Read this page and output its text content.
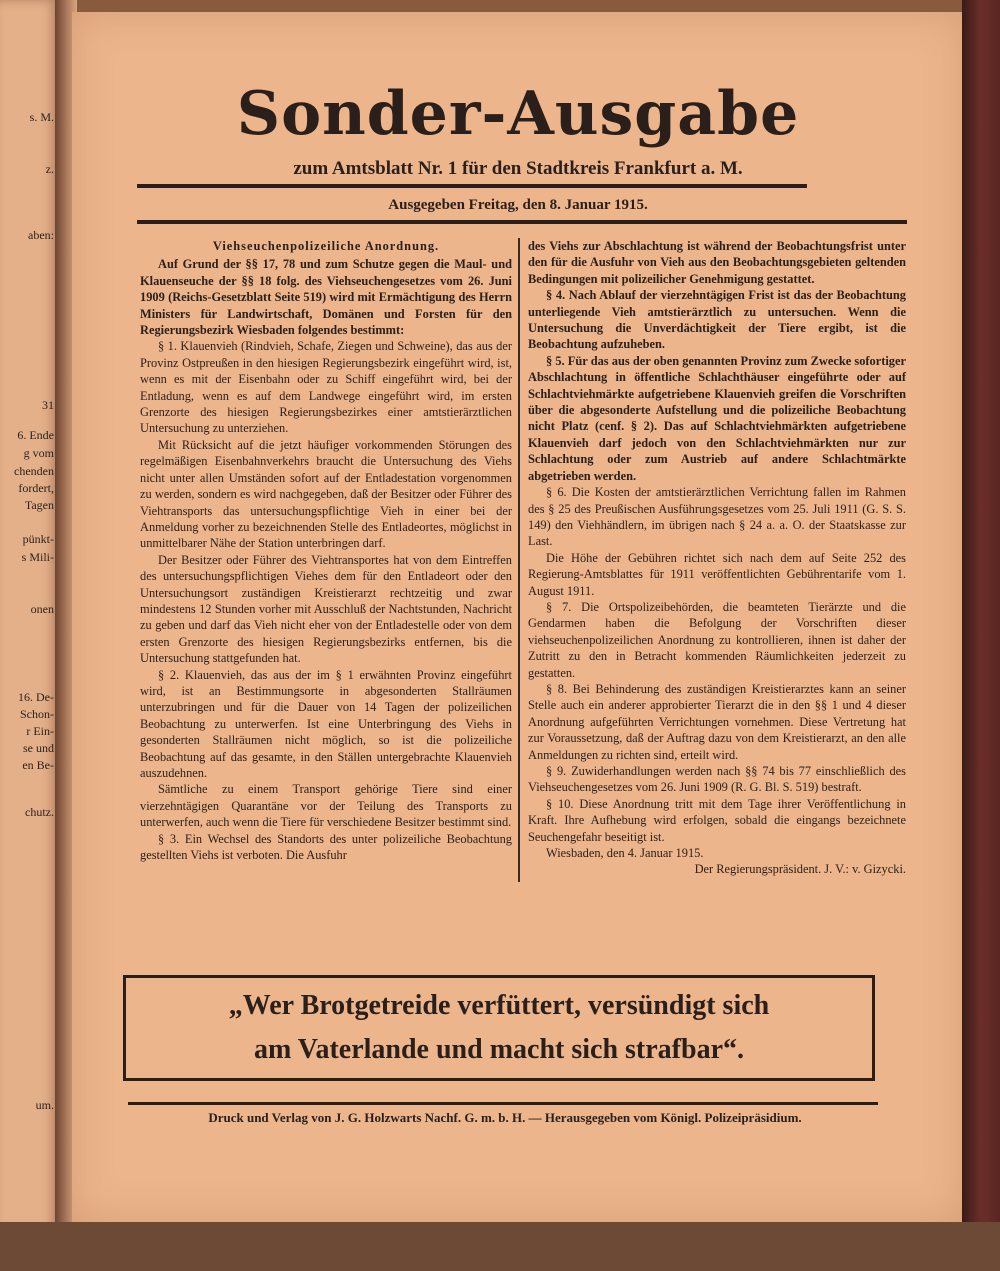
s. M.
z.
aben:
31
6. Ende
g vom
chenden
fordert,
Tagen
pünkt-
s Mili-
onen
16. De-
Schon-
r Ein-
se und
en Be-
chutz.
um.
Sonder-Ausgabe
zum Amtsblatt Nr. 1 für den Stadtkreis Frankfurt a. M.
Ausgegeben Freitag, den 8. Januar 1915.

Viehseuchenpolizeiliche Anordnung.

Auf Grund der §§ 17, 78 und zum Schutze gegen die Maul- und Klauenseuche der §§ 18 folg. des Viehseuchengesetzes vom 26. Juni 1909 (Reichs-Gesetzblatt Seite 519) wird mit Ermächtigung des Herrn Ministers für Landwirtschaft, Domänen und Forsten für den Regierungsbezirk Wiesbaden folgendes bestimmt:

§ 1. Klauenvieh (Rindvieh, Schafe, Ziegen und Schweine), das aus der Provinz Ostpreußen in den hiesigen Regierungsbezirk eingeführt wird, ist, wenn es mit der Eisenbahn oder zu Schiff eingeführt wird, bei der Entladung, wenn es auf dem Landwege eingeführt wird, im ersten Grenzorte des hiesigen Regierungsbezirkes einer amtstierärztlichen Untersuchung zu unterziehen.

Mit Rücksicht auf die jetzt häufiger vorkommenden Störungen des regelmäßigen Eisenbahnverkehrs braucht die Untersuchung des Viehs nicht unter allen Umständen sofort auf der Entladestation vorgenommen zu werden, sondern es wird nachgegeben, daß der Besitzer oder Führer des Viehtransports das untersuchungspflichtige Vieh in einer bei der Anmeldung vorher zu bezeichnenden Stelle des Entladeortes, möglichst in unmittelbarer Nähe der Station unterbringen darf.

Der Besitzer oder Führer des Viehtransportes hat von dem Eintreffen des untersuchungspflichtigen Viehes dem für den Entladeort oder den Untersuchungsort zuständigen Kreistierarzt rechtzeitig und zwar mindestens 12 Stunden vorher mit Ausschluß der Nachtstunden, Nachricht zu geben und darf das Vieh nicht eher von der Entladestelle oder von dem ersten Grenzorte des hiesigen Regierungsbezirks entfernen, bis die Untersuchung stattgefunden hat.

§ 2. Klauenvieh, das aus der im § 1 erwähnten Provinz eingeführt wird, ist an Bestimmungsorte in abgesonderten Stallräumen unterzubringen und für die Dauer von 14 Tagen der polizeilichen Beobachtung zu unterwerfen. Ist eine Unterbringung des Viehs in gesonderten Stallräumen nicht möglich, so ist die polizeiliche Beobachtung auf das gesamte, in den Ställen untergebrachte Klauenvieh auszudehnen.

Sämtliche zu einem Transport gehörige Tiere sind einer vierzehntägigen Quarantäne vor der Teilung des Transports zu unterwerfen, auch wenn die Tiere für verschiedene Besitzer bestimmt sind.

§ 3. Ein Wechsel des Standorts des unter polizeiliche Beobachtung gestellten Viehs ist verboten. Die Ausfuhr

des Viehs zur Abschlachtung ist während der Beobachtungsfrist unter den für die Ausfuhr von Vieh aus den Beobachtungsgebieten geltenden Bedingungen mit polizeilicher Genehmigung gestattet.

§ 4. Nach Ablauf der vierzehntägigen Frist ist das der Beobachtung unterliegende Vieh amtstierärztlich zu untersuchen. Wenn die Untersuchung die Unverdächtigkeit der Tiere ergibt, ist die Beobachtung aufzuheben.

§ 5. Für das aus der oben genannten Provinz zum Zwecke sofortiger Abschlachtung in öffentliche Schlachthäuser eingeführte oder auf Schlachtviehmärkte aufgetriebene Klauenvieh greifen die Vorschriften über die abgesonderte Aufstellung und die polizeiliche Beobachtung nicht Platz (cenf. § 2). Das auf Schlachtviehmärkten aufgetriebene Klauenvieh darf jedoch von den Schlachtviehmärkten nur zur Schlachtung oder zum Austrieb auf andere Schlachtmärkte abgetrieben werden.

§ 6. Die Kosten der amtstierärztlichen Verrichtung fallen im Rahmen des § 25 des Preußischen Ausführungsgesetzes vom 25. Juli 1911 (G. S. S. 149) den Viehhändlern, im übrigen nach § 24 a. a. O. der Staatskasse zur Last.

Die Höhe der Gebühren richtet sich nach dem auf Seite 252 des Regierung-Amtsblattes für 1911 veröffentlichten Gebührentarife vom 1. August 1911.

§ 7. Die Ortspolizeibehörden, die beamteten Tierärzte und die Gendarmen haben die Befolgung der Vorschriften dieser viehseuchenpolizeilichen Anordnung zu kontrollieren, ihnen ist daher der Zutritt zu den in Betracht kommenden Räumlichkeiten jederzeit zu gestatten.

§ 8. Bei Behinderung des zuständigen Kreistierarztes kann an seiner Stelle auch ein anderer approbierter Tierarzt die in den §§ 1 und 4 dieser Anordnung aufgeführten Verrichtungen vornehmen. Diese Vertretung hat zur Voraussetzung, daß der Auftrag dazu von dem Kreistierarzt, an den alle Anmeldungen zu richten sind, erteilt wird.

§ 9. Zuwiderhandlungen werden nach §§ 74 bis 77 einschließlich des Viehseuchengesetzes vom 26. Juni 1909 (R. G. Bl. S. 519) bestraft.

§ 10. Diese Anordnung tritt mit dem Tage ihrer Veröffentlichung in Kraft. Ihre Aufhebung wird erfolgen, sobald die eingangs bezeichnete Seuchengefahr beseitigt ist.

Wiesbaden, den 4. Januar 1915.

Der Regierungspräsident. J. V.: v. Gizycki.

„Wer Brotgetreide verfüttert, versündigt sich
am Vaterlande und macht sich strafbar“.
Druck und Verlag von J. G. Holzwarts Nachf. G. m. b. H. — Herausgegeben vom Königl. Polizeipräsidium.
